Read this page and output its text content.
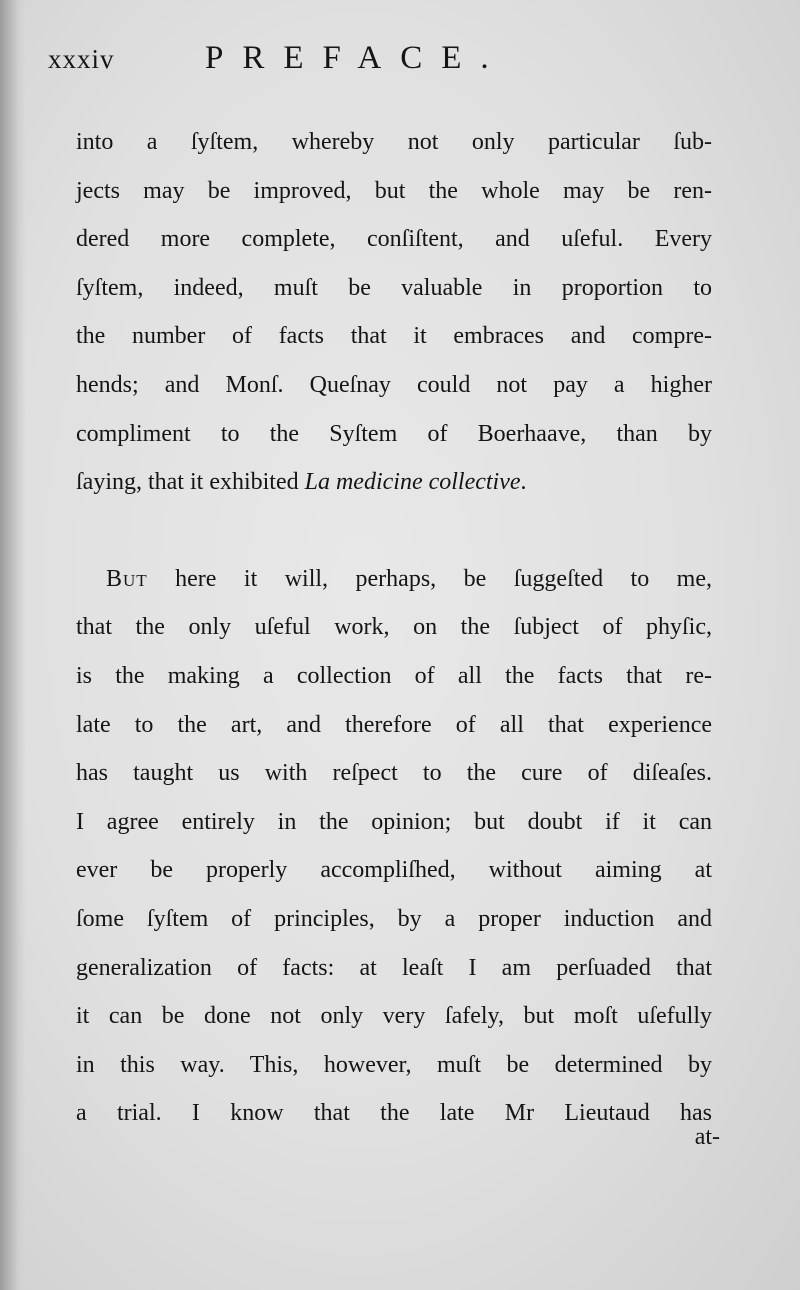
xxxiv	PREFACE.
into a ſyſtem, whereby not only particular ſub-
jects may be improved, but the whole may be ren-
dered more complete, conſiſtent, and uſeful. Every
ſyſtem, indeed, muſt be valuable in proportion to
the number of facts that it embraces and compre-
hends; and Monſ. Queſnay could not pay a higher
compliment to the Syſtem of Boerhaave, than by
ſaying, that it exhibited La medicine collective.
But here it will, perhaps, be ſuggeſted to me,
that the only uſeful work, on the ſubject of phyſic,
is the making a collection of all the facts that re-
late to the art, and therefore of all that experience
has taught us with reſpect to the cure of diſeaſes.
I agree entirely in the opinion; but doubt if it can
ever be properly accompliſhed, without aiming at
ſome ſyſtem of principles, by a proper induction and
generalization of facts: at leaſt I am perſuaded that
it can be done not only very ſafely, but moſt uſefully
in this way. This, however, muſt be determined by
a trial. I know that the late Mr Lieutaud has
at-
